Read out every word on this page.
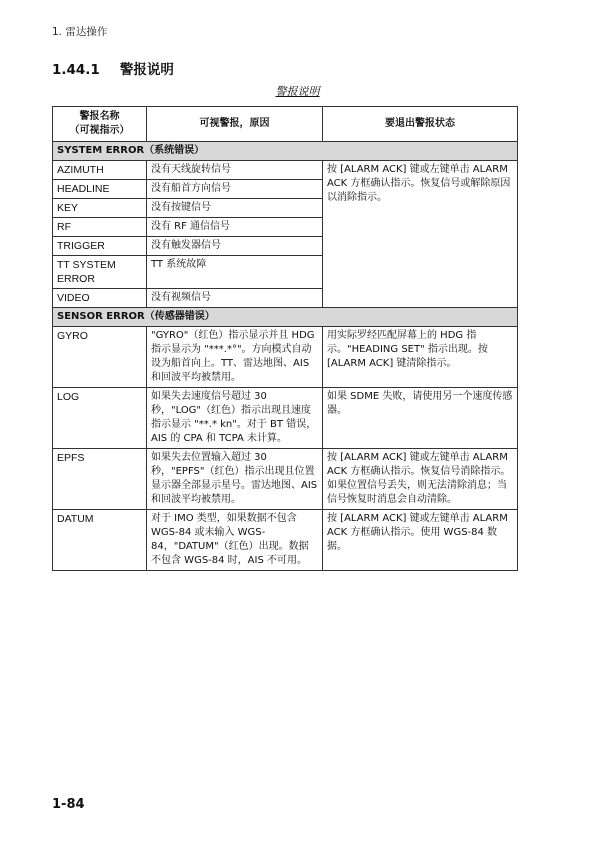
1. 雷达操作
1.44.1 警报说明
警报说明
警报名称
（可视指示）	可视警报，原因	要退出警报状态
SYSTEM ERROR（系统错误）		
AZIMUTH	没有天线旋转信号	按 [ALARM ACK] 键或左键单击 ALARM ACK 方框确认指示。恢复信号或解除原因以消除指示。
HEADLINE	没有船首方向信号	
KEY	没有按键信号	
RF	没有 RF 通信信号	
TRIGGER	没有触发器信号	
TT SYSTEM ERROR	TT 系统故障	
VIDEO	没有视频信号	
SENSOR ERROR（传感器错误）		
GYRO	"GYRO"（红色）指示显示并且 HDG 指示显示为 "***.*°"。方向模式自动设为船首向上。TT、雷达地图、AIS 和回波平均被禁用。	用实际罗经匹配屏幕上的 HDG 指示。"HEADING SET" 指示出现。按 [ALARM ACK] 键清除指示。
LOG	如果失去速度信号超过 30 秒，"LOG"（红色）指示出现且速度指示显示 "**.* kn"。对于 BT 错误，AIS 的 CPA 和 TCPA 未计算。	如果 SDME 失败，请使用另一个速度传感器。
EPFS	如果失去位置输入超过 30 秒，"EPFS"（红色）指示出现且位置显示器全部显示星号。雷达地图、AIS 和回波平均被禁用。	按 [ALARM ACK] 键或左键单击 ALARM ACK 方框确认指示。恢复信号消除指示。如果位置信号丢失，则无法清除消息；当信号恢复时消息会自动清除。
DATUM	对于 IMO 类型，如果数据不包含 WGS-84 或未输入 WGS-84，"DATUM"（红色）出现。数据不包含 WGS-84 时，AIS 不可用。	按 [ALARM ACK] 键或左键单击 ALARM ACK 方框确认指示。使用 WGS-84 数据。
1-84
